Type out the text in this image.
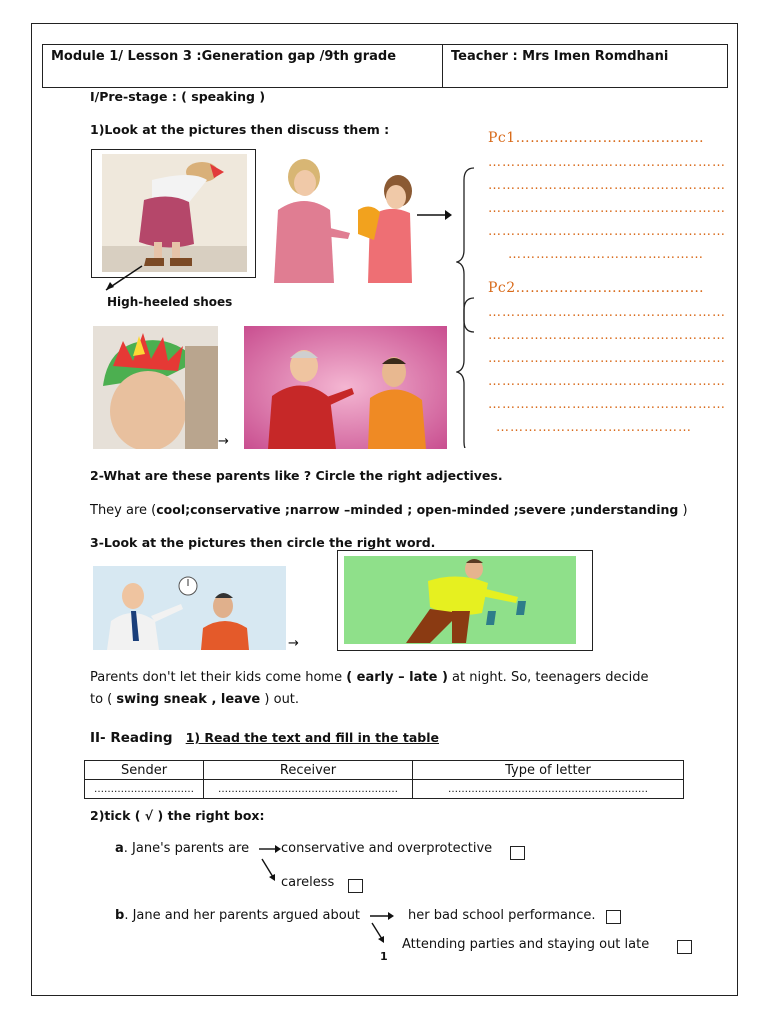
Module 1/ Lesson 3 :Generation gap /9th grade	Teacher : Mrs Imen Romdhani
I/Pre-stage : ( speaking )
1)Look at the pictures then discuss them :
High-heeled shoes
Pc1…………………………………
……………………………………………
……………………………………………
……………………………………………
……………………………………………
……………………………………
Pc2…………………………………
……………………………………………
……………………………………………
……………………………………………
……………………………………………
……………………………………………
……………………………………
→
2-What are these parents like ? Circle the right adjectives.
They are (cool;conservative ;narrow –minded ; open-minded ;severe ;understanding )
3-Look at the pictures then circle the right word.
→
Parents don't let their kids come home ( early – late ) at night. So, teenagers decide
to ( swing sneak , leave ) out.
II- Reading 1) Read the text and fill in the table
Sender	Receiver	Type of letter
…………………………	………………………………………………	……………………………………………………
2)tick ( √ ) the right box:
a. Jane's parents are conservative and overprotective
careless
b. Jane and her parents argued about	her bad school performance.
Attending parties and staying out late
1
